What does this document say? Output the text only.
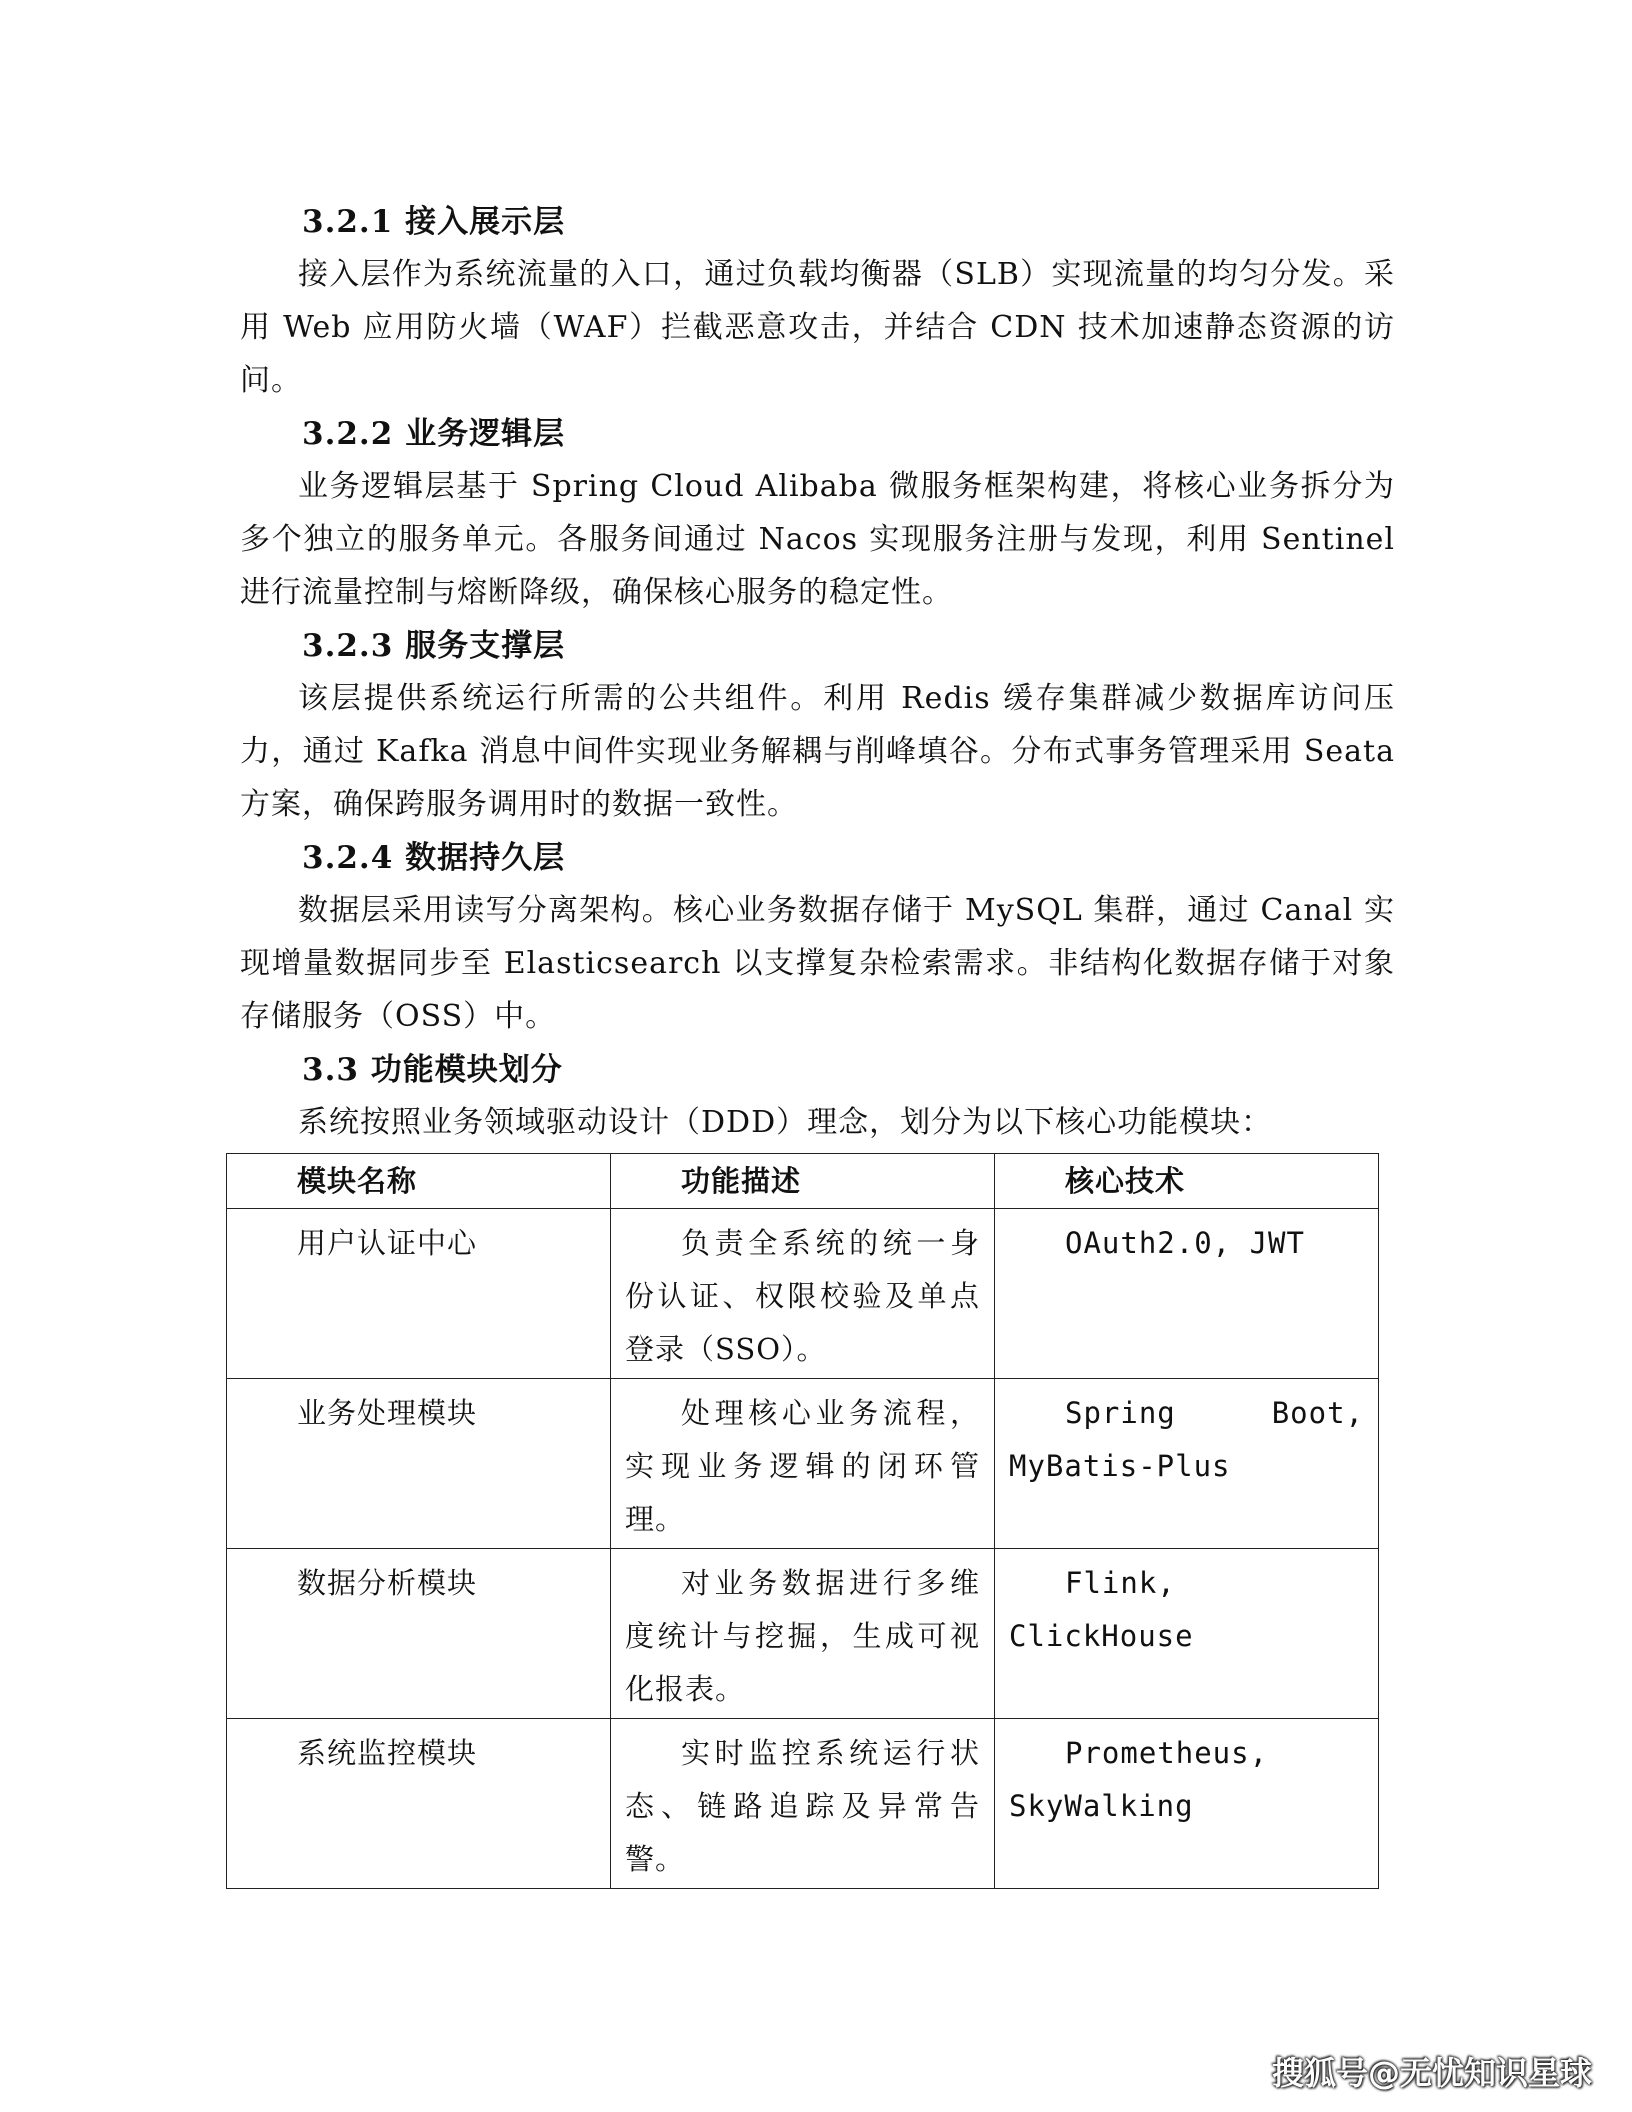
3.2.1 接入展示层

接入层作为系统流量的入口，通过负载均衡器（SLB）实现流量的均匀分发。采用 Web 应用防火墙（WAF）拦截恶意攻击，并结合 CDN 技术加速静态资源的访问。

3.2.2 业务逻辑层

业务逻辑层基于 Spring Cloud Alibaba 微服务框架构建，将核心业务拆分为多个独立的服务单元。各服务间通过 Nacos 实现服务注册与发现，利用 Sentinel 进行流量控制与熔断降级，确保核心服务的稳定性。

3.2.3 服务支撑层

该层提供系统运行所需的公共组件。利用 Redis 缓存集群减少数据库访问压力，通过 Kafka 消息中间件实现业务解耦与削峰填谷。分布式事务管理采用 Seata 方案，确保跨服务调用时的数据一致性。

3.2.4 数据持久层

数据层采用读写分离架构。核心业务数据存储于 MySQL 集群，通过 Canal 实现增量数据同步至 Elasticsearch 以支撑复杂检索需求。非结构化数据存储于对象存储服务（OSS）中。

3.3 功能模块划分

系统按照业务领域驱动设计（DDD）理念，划分为以下核心功能模块：

模块名称	功能描述	核心技术
用户认证中心	负责全系统的统一身份认证、权限校验及单点登录（SSO）。	OAuth2.0, JWT
业务处理模块	处理核心业务流程，实现业务逻辑的闭环管理。	Spring Boot, MyBatis-Plus
数据分析模块	对业务数据进行多维度统计与挖掘，生成可视化报表。	Flink, ClickHouse
系统监控模块	实时监控系统运行状态、链路追踪及异常告警。	Prometheus, SkyWalking
搜狐号@无忧知识星球
